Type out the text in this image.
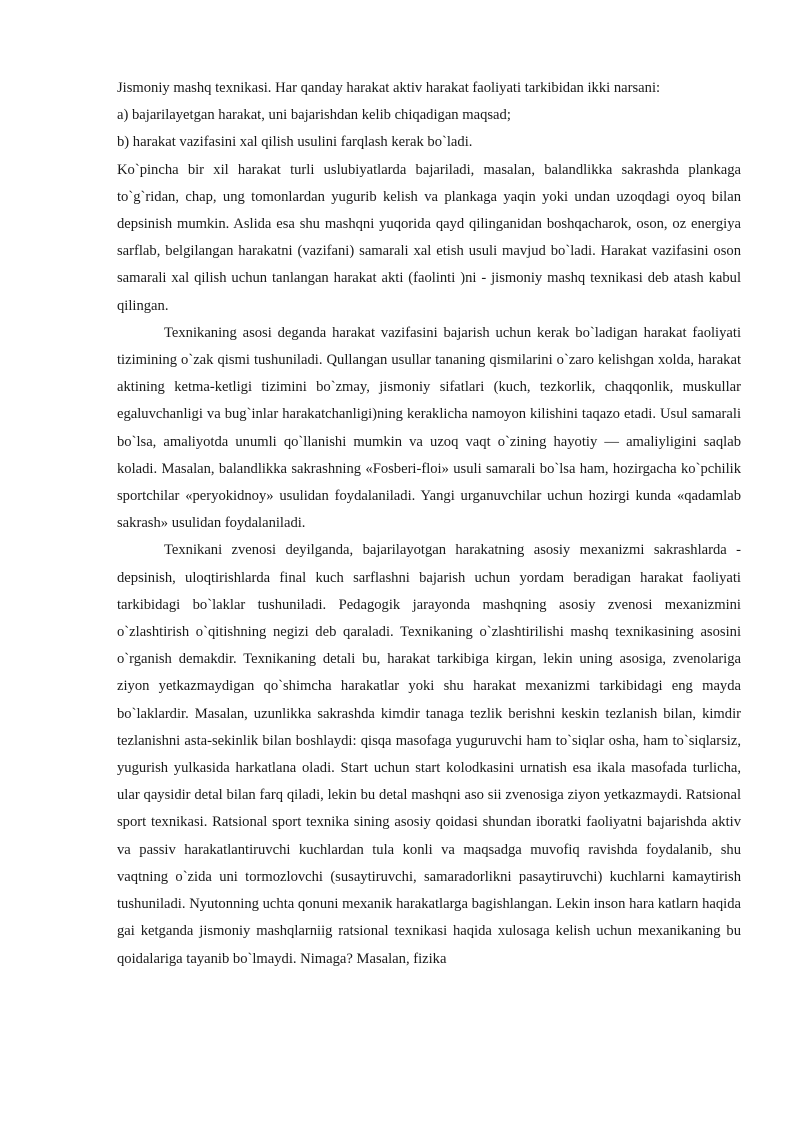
Jismoniy mashq texnikasi. Har qanday harakat aktiv harakat faoliyati tarkibidan ikki narsani:

a) bajarilayetgan harakat, uni bajarishdan kelib chiqadigan maqsad;

b) harakat vazifasini xal qilish usulini farqlash kerak bo`ladi.

Ko`pincha bir xil harakat turli uslubiyatlarda bajariladi, masalan, balandlikka sakrashda plankaga to`g`ridan, chap, ung tomonlardan yugurib kelish va plankaga yaqin yoki undan uzoqdagi oyoq bilan depsinish mumkin. Aslida esa shu mashqni yuqorida qayd qilinganidan boshqacharok, oson, oz energiya sarflab, belgilangan harakatni (vazifani) samarali xal etish usuli mavjud bo`ladi. Harakat vazifasini oson samarali xal qilish uchun tanlangan harakat akti (faolinti )ni - jismoniy mashq texnikasi deb atash kabul qilingan.

Texnikaning asosi deganda harakat vazifasini bajarish uchun kerak bo`ladigan harakat faoliyati tizimining o`zak qismi tushuniladi. Qullangan usullar tananing qismilarini o`zaro kelishgan xolda, harakat aktining ketma-ketligi tizimini bo`zmay, jismoniy sifatlari (kuch, tezkorlik, chaqqonlik, muskullar egaluvchanligi va bug`inlar harakatchanligi)ning keraklicha namoyon kilishini taqazo etadi. Usul samarali bo`lsa, amaliyotda unumli qo`llanishi mumkin va uzoq vaqt o`zining hayotiy — amaliyligini saqlab koladi. Masalan, balandlikka sakrashning «Fosberi-floi» usuli samarali bo`lsa ham, hozirgacha ko`pchilik sportchilar «peryokidnoy» usulidan foydalaniladi. Yangi urganuvchilar uchun hozirgi kunda «qadamlab sakrash» usulidan foydalaniladi.

Texnikani zvenosi deyilganda, bajarilayotgan harakatning asosiy mexanizmi sakrashlarda - depsinish, uloqtirishlarda final kuch sarflashni bajarish uchun yordam beradigan harakat faoliyati tarkibidagi bo`laklar tushuniladi. Pedagogik jarayonda mashqning asosiy zvenosi mexanizmini o`zlashtirish o`qitishning negizi deb qaraladi. Texnikaning o`zlashtirilishi mashq texnikasining asosini o`rganish demakdir. Texnikaning detali bu, harakat tarkibiga kirgan, lekin uning asosiga, zvenolariga ziyon yetkazmaydigan qo`shimcha harakatlar yoki shu harakat mexanizmi tarkibidagi eng mayda bo`laklardir. Masalan, uzunlikka sakrashda kimdir tanaga tezlik berishni keskin tezlanish bilan, kimdir tezlanishni asta-sekinlik bilan boshlaydi: qisqa masofaga yuguruvchi ham to`siqlar osha, ham to`siqlarsiz, yugurish yulkasida harkatlana oladi. Start uchun start kolodkasini urnatish esa ikala masofada turlicha, ular qaysidir detal bilan farq qiladi, lekin bu detal mashqni aso sii zvenosiga ziyon yetkazmaydi. Ratsional sport texnikasi. Ratsional sport texnika sining asosiy qoidasi shundan iboratki faoliyatni bajarishda aktiv va passiv harakatlantiruvchi kuchlardan tula konli va maqsadga muvofiq ravishda foydalanib, shu vaqtning o`zida uni tormozlovchi (susaytiruvchi, samaradorlikni pasaytiruvchi) kuchlarni kamaytirish tushuniladi. Nyutonning uchta qonuni mexanik harakatlarga bagishlangan. Lekin inson hara katlarn haqida gai ketganda jismoniy mashqlarniig ratsional texnikasi haqida xulosaga kelish uchun mexanikaning bu qoidalariga tayanib bo`lmaydi. Nimaga? Masalan, fizika
